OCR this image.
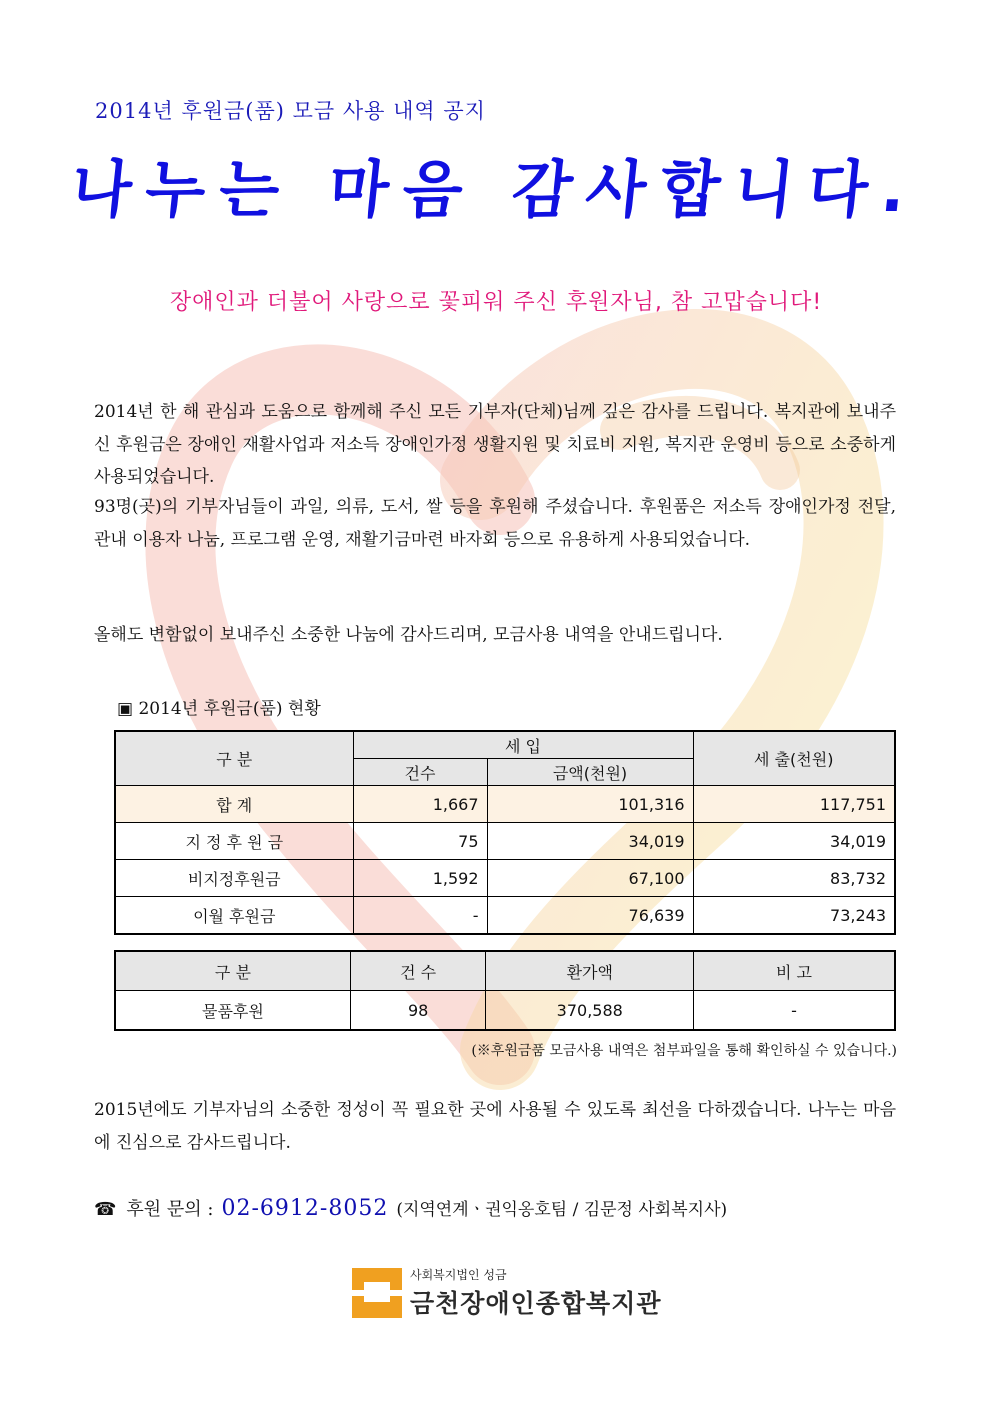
2014년 후원금(품) 모금 사용 내역 공지
나누는 마음 감사합니다.
장애인과 더불어 사랑으로 꽃피워 주신 후원자님, 참 고맙습니다!
2014년 한 해 관심과 도움으로 함께해 주신 모든 기부자(단체)님께 깊은 감사를 드립니다. 복지관에 보내주신 후원금은 장애인 재활사업과 저소득 장애인가정 생활지원 및 치료비 지원, 복지관 운영비 등으로 소중하게 사용되었습니다.
93명(곳)의 기부자님들이 과일, 의류, 도서, 쌀 등을 후원해 주셨습니다. 후원품은 저소득 장애인가정 전달, 관내 이용자 나눔, 프로그램 운영, 재활기금마련 바자회 등으로 유용하게 사용되었습니다.
올해도 변함없이 보내주신 소중한 나눔에 감사드리며, 모금사용 내역을 안내드립니다.
▣ 2014년 후원금(품) 현황
구 분	세 입		세 출(천원)
	건수	금액(천원)	
합 계	1,667	101,316	117,751
지 정 후 원 금	75	34,019	34,019
비지정후원금	1,592	67,100	83,732
이월 후원금	-	76,639	73,243
구 분	건 수	환가액	비 고
물품후원	98	370,588	-
(※후원금품 모금사용 내역은 첨부파일을 통해 확인하실 수 있습니다.)
2015년에도 기부자님의 소중한 정성이 꼭 필요한 곳에 사용될 수 있도록 최선을 다하겠습니다. 나누는 마음에 진심으로 감사드립니다.
☎ 후원 문의 : 02-6912-8052 (지역연계ㆍ권익옹호팀 / 김문정 사회복지사)
사회복지법인 성금
금천장애인종합복지관
